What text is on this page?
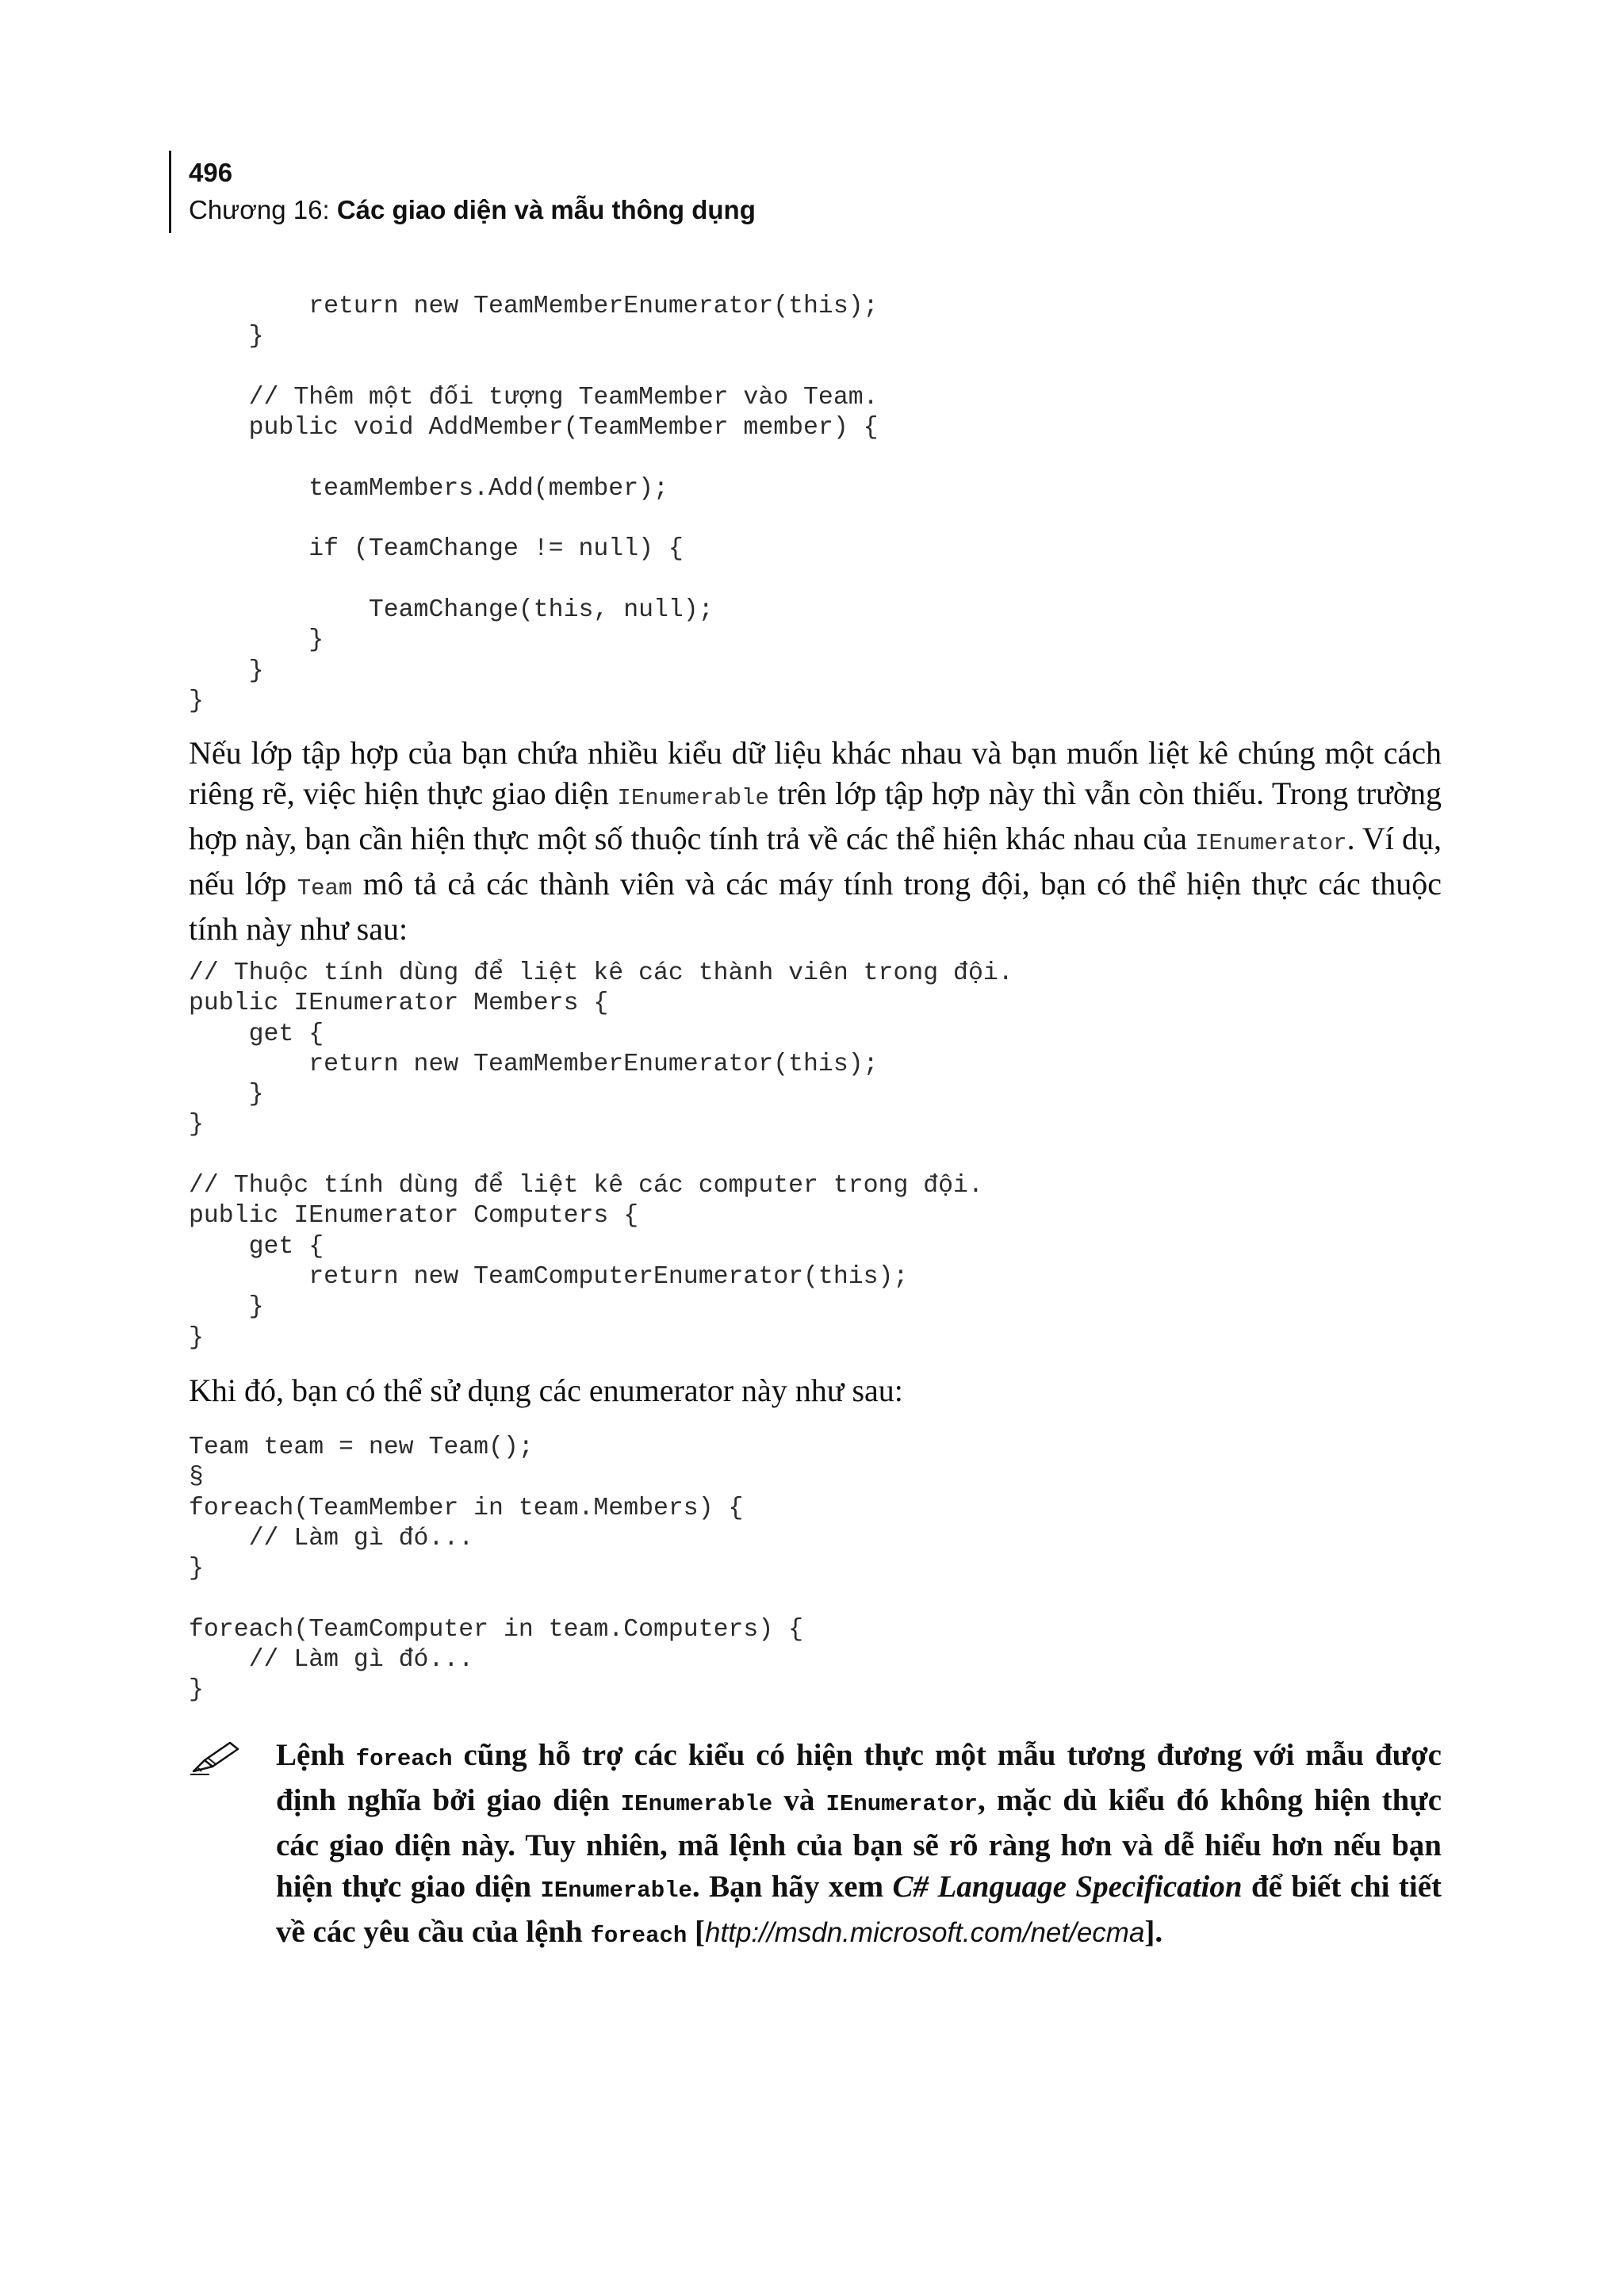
496
Chương 16: Các giao diện và mẫu thông dụng
return new TeamMemberEnumerator(this);
}

// Thêm một đối tượng TeamMember vào Team.
public void AddMember(TeamMember member) {

teamMembers.Add(member);

if (TeamChange != null) {

TeamChange(this, null);
}
}
}

Nếu lớp tập hợp của bạn chứa nhiều kiểu dữ liệu khác nhau và bạn muốn liệt kê chúng một cách riêng rẽ, việc hiện thực giao diện IEnumerable trên lớp tập hợp này thì vẫn còn thiếu. Trong trường hợp này, bạn cần hiện thực một số thuộc tính trả về các thể hiện khác nhau của IEnumerator. Ví dụ, nếu lớp Team mô tả cả các thành viên và các máy tính trong đội, bạn có thể hiện thực các thuộc tính này như sau:

// Thuộc tính dùng để liệt kê các thành viên trong đội.
public IEnumerator Members {
get {
return new TeamMemberEnumerator(this);
}
}

// Thuộc tính dùng để liệt kê các computer trong đội.
public IEnumerator Computers {
get {
return new TeamComputerEnumerator(this);
}
}

Khi đó, bạn có thể sử dụng các enumerator này như sau:

Team team = new Team();
§
foreach(TeamMember in team.Members) {
// Làm gì đó...
}

foreach(TeamComputer in team.Computers) {
// Làm gì đó...
}

Lệnh foreach cũng hỗ trợ các kiểu có hiện thực một mẫu tương đương với mẫu được định nghĩa bởi giao diện IEnumerable và IEnumerator, mặc dù kiểu đó không hiện thực các giao diện này. Tuy nhiên, mã lệnh của bạn sẽ rõ ràng hơn và dễ hiểu hơn nếu bạn hiện thực giao diện IEnumerable. Bạn hãy xem C# Language Specification để biết chi tiết về các yêu cầu của lệnh foreach [http://msdn.microsoft.com/net/ecma].
